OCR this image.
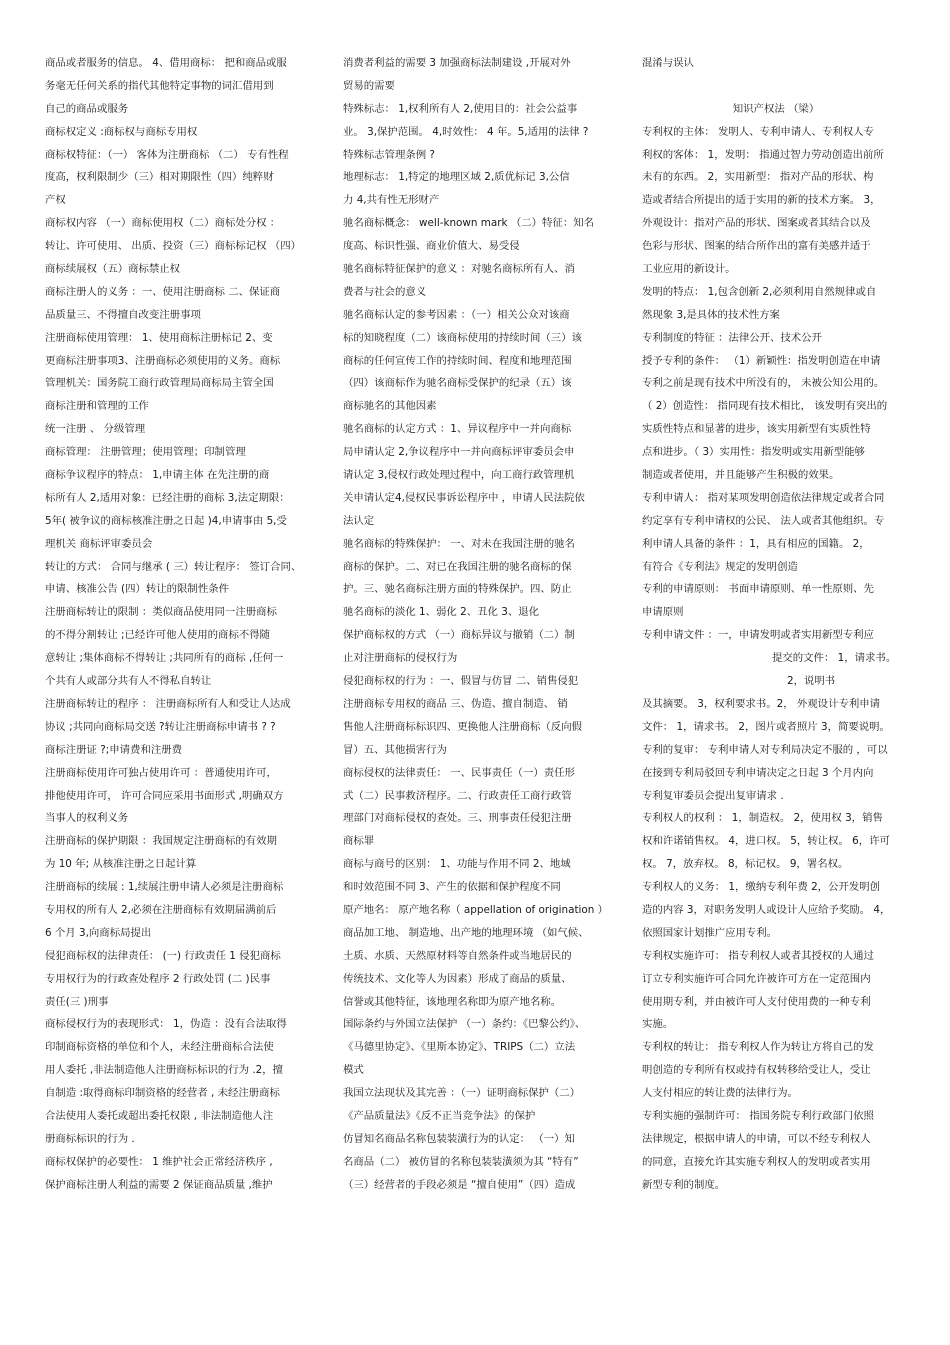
商品或者服务的信息。 4、借用商标： 把和商品或服
务毫无任何关系的指代其他特定事物的词汇借用到
自己的商品或服务
商标权定义 :商标权与商标专用权
商标权特征：（一） 客体为注册商标 （二） 专有性程
度高，权利限制少（三）相对期限性（四）纯粹财
产权
商标权内容 （一）商标使用权（二）商标处分权 ：
转让、许可使用、 出质、投资（三）商标标记权 （四）
商标续展权（五）商标禁止权
商标注册人的义务 ：一、使用注册商标 二、保证商
品质量三、不得擅自改变注册事项
注册商标使用管理： 1、使用商标注册标记 2、变
更商标注册事项3、注册商标必须使用的义务。商标
管理机关：国务院工商行政管理局商标局主管全国
商标注册和管理的工作
统一注册 、 分级管理
商标管理： 注册管理；使用管理；印制管理
商标争议程序的特点： 1,申请主体 在先注册的商
标所有人 2,适用对象：已经注册的商标 3,法定期限：
5年( 被争议的商标核准注册之日起 )4,申请事由 5,受
理机关 商标评审委员会
转让的方式： 合同与继承 ( 三）转让程序： 签订合同、
申请、核准公告 (四）转让的限制性条件
注册商标转让的限制 ：类似商品使用同一注册商标
的不得分割转让 ;已经许可他人使用的商标不得随
意转让 ;集体商标不得转让 ;共同所有的商标 ,任何一
个共有人或部分共有人不得私自转让
注册商标转让的程序 ： 注册商标所有人和受让人达成
协议 ;共同向商标局交送 ?转让注册商标申请书 ? ?
商标注册证 ?;申请费和注册费
注册商标使用许可独占使用许可 ：普通使用许可，
排他使用许可， 许可合同应采用书面形式 ,明确双方
当事人的权利义务
注册商标的保护期限 ：我国规定注册商标的有效期
为 10 年; 从核准注册之日起计算
注册商标的续展 : 1,续展注册申请人必须是注册商标
专用权的所有人 2,必须在注册商标有效期届满前后
6 个月 3,向商标局提出
侵犯商标权的法律责任： (一) 行政责任 1 侵犯商标
专用权行为的行政查处程序 2 行政处罚 (二 )民事
责任(三 )刑事
商标侵权行为的表现形式： 1，伪造 ：没有合法取得
印制商标资格的单位和个人，未经注册商标合法使
用人委托 ,非法制造他人注册商标标识的行为 .2，擅
自制造 :取得商标印制资格的经营者 , 未经注册商标
合法使用人委托或超出委托权限 , 非法制造他人注
册商标标识的行为 .
商标权保护的必要性： 1 维护社会正常经济秩序 ,
保护商标注册人利益的需要 2 保证商品质量 ,维护
消费者利益的需要 3 加强商标法制建设 ,开展对外
贸易的需要
特殊标志： 1,权利所有人 2,使用目的：社会公益事
业。 3,保护范围。 4,时效性： 4 年。5,适用的法律 ?
特殊标志管理条例 ?
地理标志： 1,特定的地理区域 2,质优标记 3,公信
力 4,共有性无形财产
驰名商标概念： well-known mark （二）特征：知名
度高、标识性强、商业价值大、易受侵
驰名商标特征保护的意义 ：对驰名商标所有人、消
费者与社会的意义
驰名商标认定的参考因素 ：（一）相关公众对该商
标的知晓程度（二）该商标使用的持续时间（三）该
商标的任何宣传工作的持续时间、程度和地理范围
（四）该商标作为驰名商标受保护的纪录（五）该
商标驰名的其他因素
驰名商标的认定方式 ：1、异议程序中一并向商标
局申请认定 2,争议程序中一并向商标评审委员会申
请认定 3,侵权行政处理过程中，向工商行政管理机
关申请认定4,侵权民事诉讼程序中 ，申请人民法院依
法认定
驰名商标的特殊保护： 一、对未在我国注册的驰名
商标的保护。二、对已在我国注册的驰名商标的保
护。三、驰名商标注册方面的特殊保护。四、防止
驰名商标的淡化 1、弱化 2、丑化 3、退化
保护商标权的方式 （一）商标异议与撤销（二）制
止对注册商标的侵权行为
侵犯商标权的行为 ：一、假冒与仿冒 二、销售侵犯
注册商标专用权的商品 三、伪造、擅自制造、 销
售他人注册商标标识四、更换他人注册商标（反向假
冒）五、其他损害行为
商标侵权的法律责任： 一、民事责任（一）责任形
式（二）民事救济程序。二、行政责任工商行政管
理部门对商标侵权的查处。三、刑事责任侵犯注册
商标罪
商标与商号的区别： 1、功能与作用不同 2、地域
和时效范围不同 3、产生的依据和保护程度不同
原产地名： 原产地名称（ appellation of origination ）
商品加工地、 制造地、出产地的地理环境 （如气候、
土质、水质、天然原材料等自然条件或当地居民的
传统技术、文化等人为因素）形成了商品的质量、
信誉或其他特征，该地理名称即为原产地名称。
国际条约与外国立法保护 （一）条约：《巴黎公约》、
《马德里协定》、《里斯本协定》、TRIPS（二）立法
模式
我国立法现状及其完善 ：（一）证明商标保护（二）
《产品质量法》《反不正当竞争法》的保护
仿冒知名商品名称包装装潢行为的认定： （一）知
名商品（二） 被仿冒的名称包装装潢须为其 “特有”
（三）经营者的手段必须是 “擅自使用”（四）造成
混淆与误认
知识产权法 （梁）
专利权的主体： 发明人、专利申请人、专利权人专
利权的客体： 1，发明： 指通过智力劳动创造出前所
未有的东西。 2，实用新型： 指对产品的形状、构
造或者结合所提出的适于实用的新的技术方案。 3，
外观设计：指对产品的形状、图案或者其结合以及
色彩与形状、图案的结合所作出的富有美感并适于
工业应用的新设计。
发明的特点： 1,包含创新 2,必须利用自然规律或自
然现象 3,是具体的技术性方案
专利制度的特征 ：法律公开、技术公开
授予专利的条件： （1）新颖性：指发明创造在申请
专利之前是现有技术中所没有的， 未被公知公用的。
（ 2）创造性： 指同现有技术相比， 该发明有突出的
实质性特点和显著的进步，该实用新型有实质性特
点和进步。（ 3）实用性：指发明或实用新型能够
制造或者使用，并且能够产生积极的效果。
专利申请人： 指对某项发明创造依法律规定或者合同
约定享有专利申请权的公民、 法人或者其他组织。专
利申请人具备的条件 ：1，具有相应的国籍。 2，
有符合《专利法》规定的发明创造
专利的申请原则： 书面申请原则、单一性原则、先
申请原则
专利申请文件 ：一，申请发明或者实用新型专利应
提交的文件： 1，请求书。
2，说明书
及其摘要。 3，权利要求书。2， 外观设计专利申请
文件： 1，请求书。 2，图片或者照片 3，简要说明。
专利的复审： 专利申请人对专利局决定不服的 ，可以
在接到专利局驳回专利申请决定之日起 3 个月内向
专利复审委员会提出复审请求 .
专利权人的权利 ： 1，制造权。 2，使用权 3，销售
权和许诺销售权。 4，进口权。 5，转让权。 6，许可
权。 7，放弃权。 8，标记权。 9，署名权。
专利权人的义务： 1，缴纳专利年费 2，公开发明创
造的内容 3，对职务发明人或设计人应给予奖励。 4，
依照国家计划推广应用专利。
专利权实施许可： 指专利权人或者其授权的人通过
订立专利实施许可合同允许被许可方在一定范围内
使用期专利，并由被许可人支付使用费的一种专利
实施。
专利权的转让： 指专利权人作为转让方将自己的发
明创造的专利所有权或持有权转移给受让人，受让
人支付相应的转让费的法律行为。
专利实施的强制许可： 指国务院专利行政部门依照
法律规定，根据申请人的申请，可以不经专利权人
的同意，直接允许其实施专利权人的发明或者实用
新型专利的制度。
